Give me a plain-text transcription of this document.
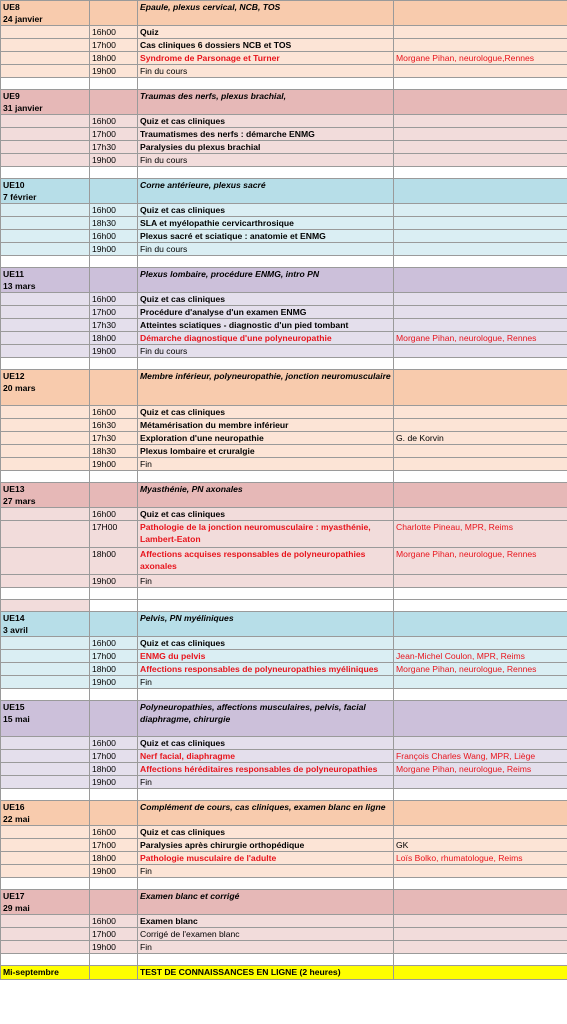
UE8
24 janvier		Epaule, plexus cervical, NCB, TOS	
	16h00	Quiz	
	17h00	Cas cliniques 6 dossiers NCB et TOS	
	18h00	Syndrome de Parsonage et Turner	Morgane Pihan, neurologue,Rennes
	19h00	Fin du cours	

UE9
31 janvier		Traumas des nerfs, plexus brachial,	
	16h00	Quiz et cas cliniques	
	17h00	Traumatismes des nerfs : démarche ENMG	
	17h30	Paralysies du plexus brachial	
	19h00	Fin du cours	

UE10
7 février		Corne antérieure, plexus sacré	
	16h00	Quiz et cas cliniques	
	18h30	SLA et myélopathie cervicarthrosique	
	16h00	Plexus sacré et sciatique : anatomie et ENMG	
	19h00	Fin du cours	

UE11
13 mars		Plexus lombaire, procédure ENMG, intro PN	
	16h00	Quiz et cas cliniques	
	17h00	Procédure d'analyse d'un examen ENMG	
	17h30	Atteintes sciatiques - diagnostic d'un pied tombant	
	18h00	Démarche diagnostique d'une polyneuropathie	Morgane Pihan, neurologue, Rennes
	19h00	Fin du cours	

UE12
20 mars		Membre inférieur, polyneuropathie, jonction neuromusculaire	
	16h00	Quiz et cas cliniques	
	16h30	Métamérisation du membre inférieur	
	17h30	Exploration d'une neuropathie	G. de Korvin
	18h30	Plexus lombaire et cruralgie	
	19h00	Fin	

UE13
27 mars		Myasthénie, PN axonales	
	16h00	Quiz et cas cliniques	
	17H00	Pathologie de la jonction neuromusculaire : myasthénie, Lambert-Eaton	Charlotte Pineau, MPR, Reims
	18h00	Affections acquises responsables de polyneuropathies axonales	Morgane Pihan, neurologue, Rennes
	19h00	Fin	

UE14
3 avril		Pelvis, PN myéliniques	
	16h00	Quiz et cas cliniques	
	17h00	ENMG du pelvis	Jean-Michel Coulon, MPR, Reims
	18h00	Affections responsables de polyneuropathies myéliniques	Morgane Pihan, neurologue, Rennes
	19h00	Fin	

UE15
15 mai		Polyneuropathies, affections musculaires, pelvis, facial diaphragme, chirurgie	
	16h00	Quiz et cas cliniques	
	17h00	Nerf facial, diaphragme	François Charles Wang, MPR, Liège
	18h00	Affections héréditaires responsables de polyneuropathies	Morgane Pihan, neurologue, Reims
	19h00	Fin	

UE16
22 mai		Complément de cours, cas cliniques, examen blanc en ligne	
	16h00	Quiz et cas cliniques	
	17h00	Paralysies après chirurgie orthopédique	GK
	18h00	Pathologie musculaire de l'adulte	Loïs Bolko, rhumatologue, Reims
	19h00	Fin	

UE17
29 mai		Examen blanc et corrigé	
	16h00	Examen blanc	
	17h00	Corrigé de l'examen blanc	
	19h00	Fin	

Mi-septembre		TEST DE CONNAISSANCES EN LIGNE (2 heures)	
